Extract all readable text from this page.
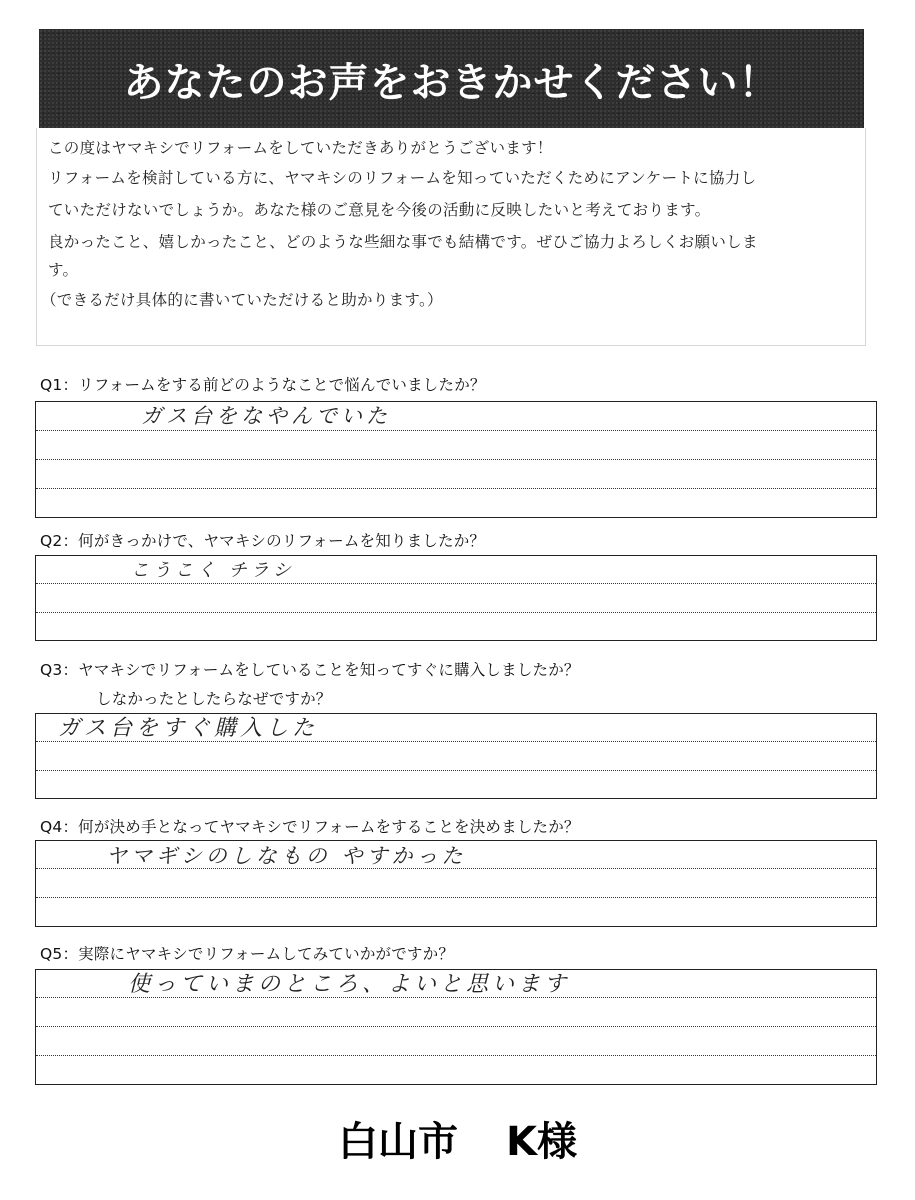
あなたのお声をおきかせください！

この度はヤマキシでリフォームをしていただきありがとうございます！

リフォームを検討している方に、ヤマキシのリフォームを知っていただくためにアンケートに協力し

ていただけないでしょうか。あなた様のご意見を今後の活動に反映したいと考えております。

良かったこと、嬉しかったこと、どのような些細な事でも結構です。ぜひご協力よろしくお願いしま

す。

（できるだけ具体的に書いていただけると助かります。）

Q1：リフォームをする前どのようなことで悩んでいましたか？
ガス台をなやんでいた
Q2：何がきっかけで、ヤマキシのリフォームを知りましたか？
こうこく チラシ
Q3：ヤマキシでリフォームをしていることを知ってすぐに購入しましたか？
しなかったとしたらなぜですか？
ガス台をすぐ購入した
Q4：何が決め手となってヤマキシでリフォームをすることを決めましたか？
ヤマギシのしなもの やすかった
Q5：実際にヤマキシでリフォームしてみていかがですか？
使っていまのところ、よいと思います
白山市 K様
